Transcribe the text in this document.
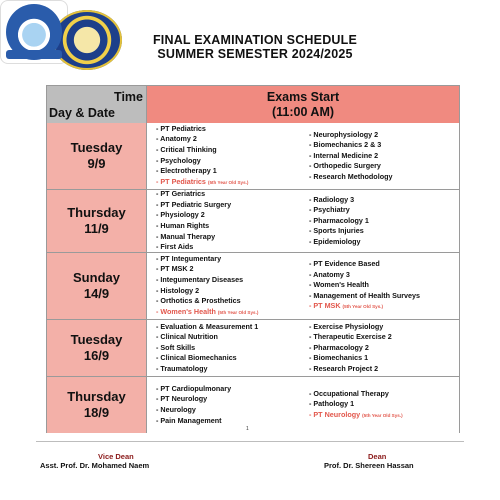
FINAL EXAMINATION SCHEDULE
SUMMER SEMESTER 2024/2025
Time
Day & Date
Exams Start
(11:00 AM)
Tuesday
9/9
- PT Pediatrics
- Anatomy 2
- Critical Thinking
- Psychology
- Electrotherapy 1
- PT Pediatrics (5th Year Old Sys.)
- Neurophysiology 2
- Biomechanics 2 & 3
- Internal Medicine 2
- Orthopedic Surgery
- Research Methodology
Thursday
11/9
- PT Geriatrics
- PT Pediatric Surgery
- Physiology 2
- Human Rights
- Manual Therapy
- First Aids
- Radiology 3
- Psychiatry
- Pharmacology 1
- Sports Injuries
- Epidemiology
Sunday
14/9
- PT Integumentary
- PT MSK 2
- Integumentary Diseases
- Histology 2
- Orthotics & Prosthetics
- Women's Health (5th Year Old Sys.)
- PT Evidence Based
- Anatomy 3
- Women's Health
- Management of Health Surveys
- PT MSK (5th Year Old Sys.)
Tuesday
16/9
- Evaluation & Measurement 1
- Clinical Nutrition
- Soft Skills
- Clinical Biomechanics
- Traumatology
- Exercise Physiology
- Therapeutic Exercise 2
- Pharmacology 2
- Biomechanics 1
- Research Project 2
Thursday
18/9
- PT Cardiopulmonary
- PT Neurology
- Neurology
- Pain Management
- Occupational Therapy
- Pathology 1
- PT Neurology (5th Year Old Sys.)
1
Vice Dean
Asst. Prof. Dr. Mohamed Naem
Dean
Prof. Dr. Shereen Hassan
